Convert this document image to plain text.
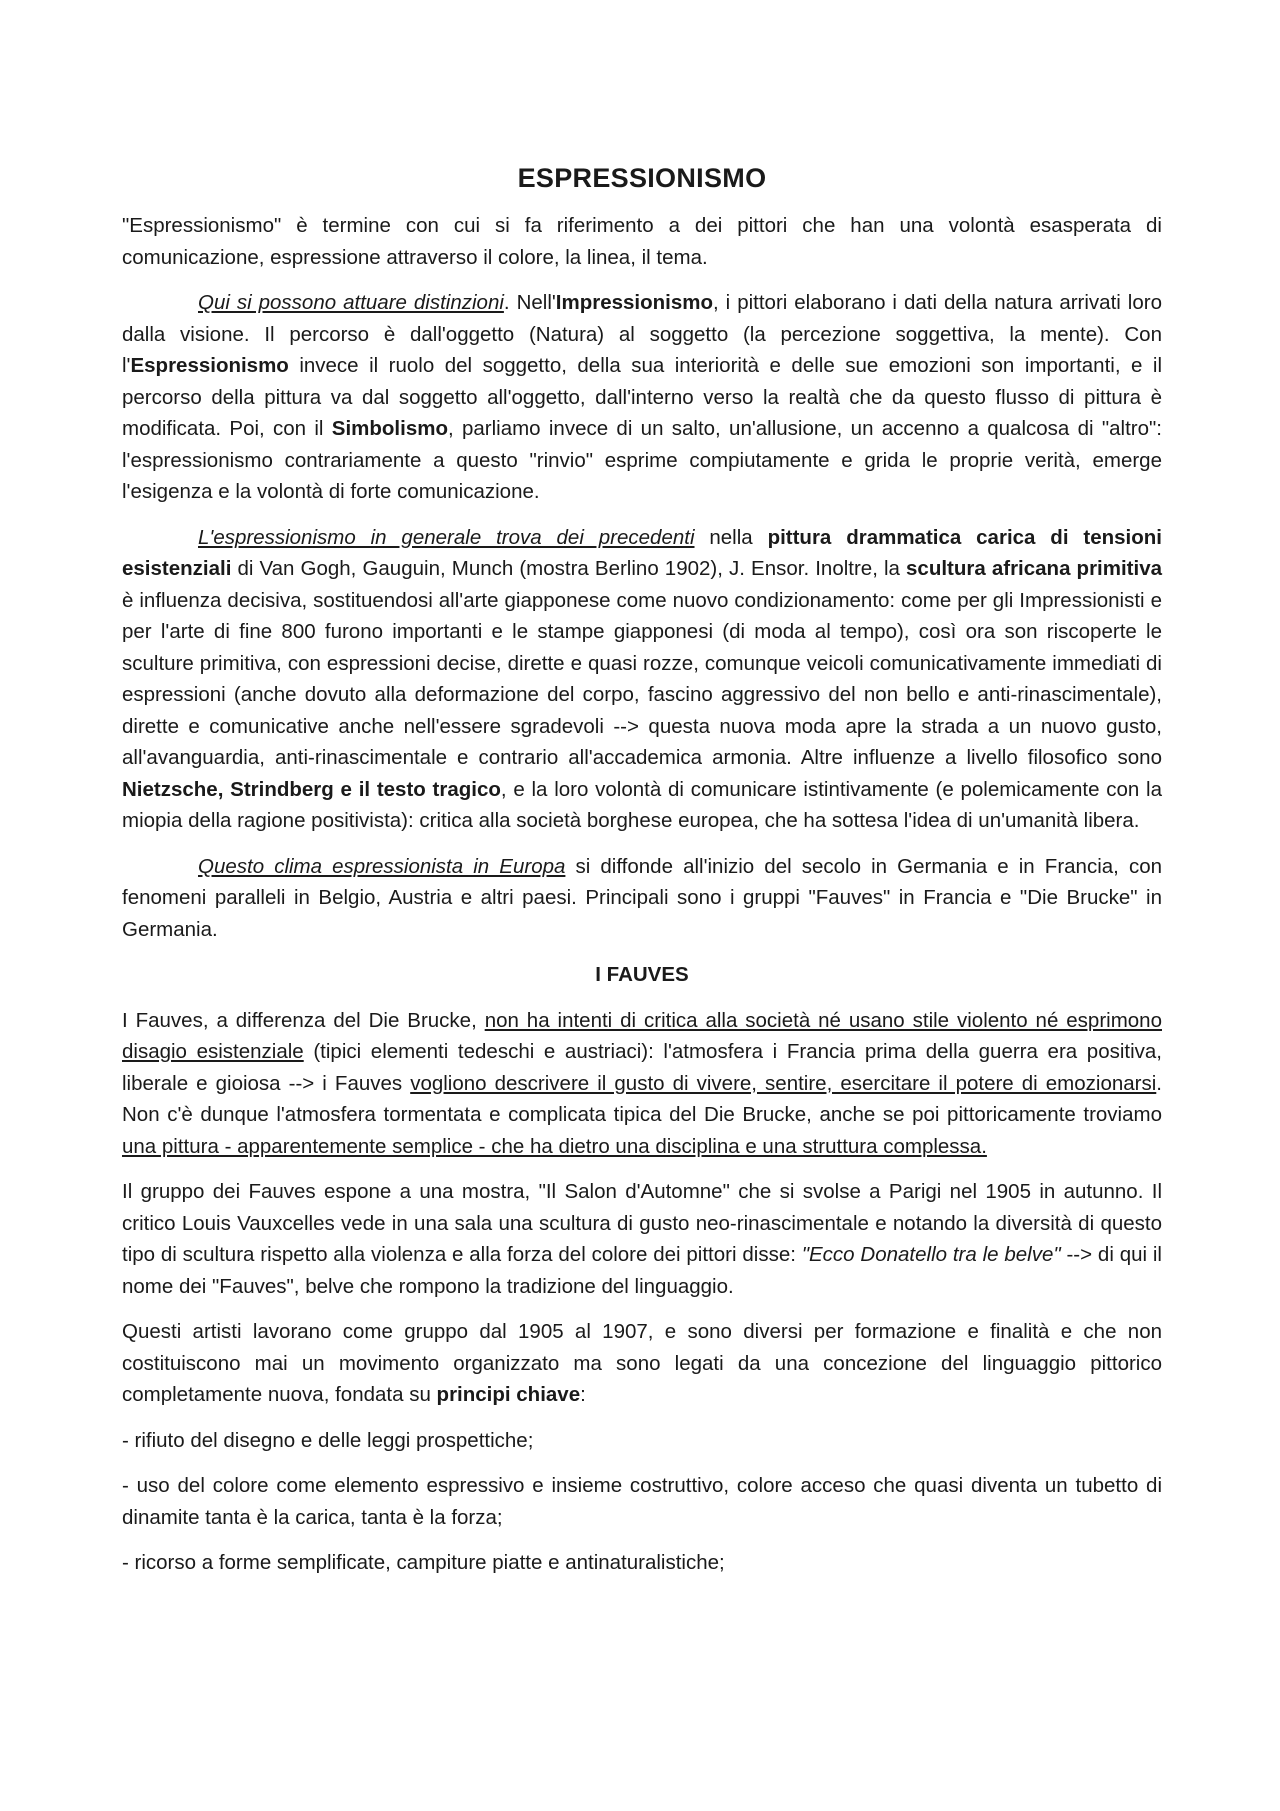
ESPRESSIONISMO

"Espressionismo" è termine con cui si fa riferimento a dei pittori che han una volontà esasperata di comunicazione, espressione attraverso il colore, la linea, il tema.

Qui si possono attuare distinzioni. Nell'Impressionismo, i pittori elaborano i dati della natura arrivati loro dalla visione. Il percorso è dall'oggetto (Natura) al soggetto (la percezione soggettiva, la mente). Con l'Espressionismo invece il ruolo del soggetto, della sua interiorità e delle sue emozioni son importanti, e il percorso della pittura va dal soggetto all'oggetto, dall'interno verso la realtà che da questo flusso di pittura è modificata. Poi, con il Simbolismo, parliamo invece di un salto, un'allusione, un accenno a qualcosa di "altro": l'espressionismo contrariamente a questo "rinvio" esprime compiutamente e grida le proprie verità, emerge l'esigenza e la volontà di forte comunicazione.

L'espressionismo in generale trova dei precedenti nella pittura drammatica carica di tensioni esistenziali di Van Gogh, Gauguin, Munch (mostra Berlino 1902), J. Ensor. Inoltre, la scultura africana primitiva è influenza decisiva, sostituendosi all'arte giapponese come nuovo condizionamento: come per gli Impressionisti e per l'arte di fine 800 furono importanti e le stampe giapponesi (di moda al tempo), così ora son riscoperte le sculture primitiva, con espressioni decise, dirette e quasi rozze, comunque veicoli comunicativamente immediati di espressioni (anche dovuto alla deformazione del corpo, fascino aggressivo del non bello e anti-rinascimentale), dirette e comunicative anche nell'essere sgradevoli --> questa nuova moda apre la strada a un nuovo gusto, all'avanguardia, anti-rinascimentale e contrario all'accademica armonia. Altre influenze a livello filosofico sono Nietzsche, Strindberg e il testo tragico, e la loro volontà di comunicare istintivamente (e polemicamente con la miopia della ragione positivista): critica alla società borghese europea, che ha sottesa l'idea di un'umanità libera.

Questo clima espressionista in Europa si diffonde all'inizio del secolo in Germania e in Francia, con fenomeni paralleli in Belgio, Austria e altri paesi. Principali sono i gruppi "Fauves" in Francia e "Die Brucke" in Germania.

I FAUVES

I Fauves, a differenza del Die Brucke, non ha intenti di critica alla società né usano stile violento né esprimono disagio esistenziale (tipici elementi tedeschi e austriaci): l'atmosfera i Francia prima della guerra era positiva, liberale e gioiosa --> i Fauves vogliono descrivere il gusto di vivere, sentire, esercitare il potere di emozionarsi. Non c'è dunque l'atmosfera tormentata e complicata tipica del Die Brucke, anche se poi pittoricamente troviamo una pittura - apparentemente semplice - che ha dietro una disciplina e una struttura complessa.

Il gruppo dei Fauves espone a una mostra, "Il Salon d'Automne" che si svolse a Parigi nel 1905 in autunno. Il critico Louis Vauxcelles vede in una sala una scultura di gusto neo-rinascimentale e notando la diversità di questo tipo di scultura rispetto alla violenza e alla forza del colore dei pittori disse: "Ecco Donatello tra le belve" --> di qui il nome dei "Fauves", belve che rompono la tradizione del linguaggio.

Questi artisti lavorano come gruppo dal 1905 al 1907, e sono diversi per formazione e finalità e che non costituiscono mai un movimento organizzato ma sono legati da una concezione del linguaggio pittorico completamente nuova, fondata su principi chiave:

- rifiuto del disegno e delle leggi prospettiche;

- uso del colore come elemento espressivo e insieme costruttivo, colore acceso che quasi diventa un tubetto di dinamite tanta è la carica, tanta è la forza;

- ricorso a forme semplificate, campiture piatte e antinaturalistiche;
